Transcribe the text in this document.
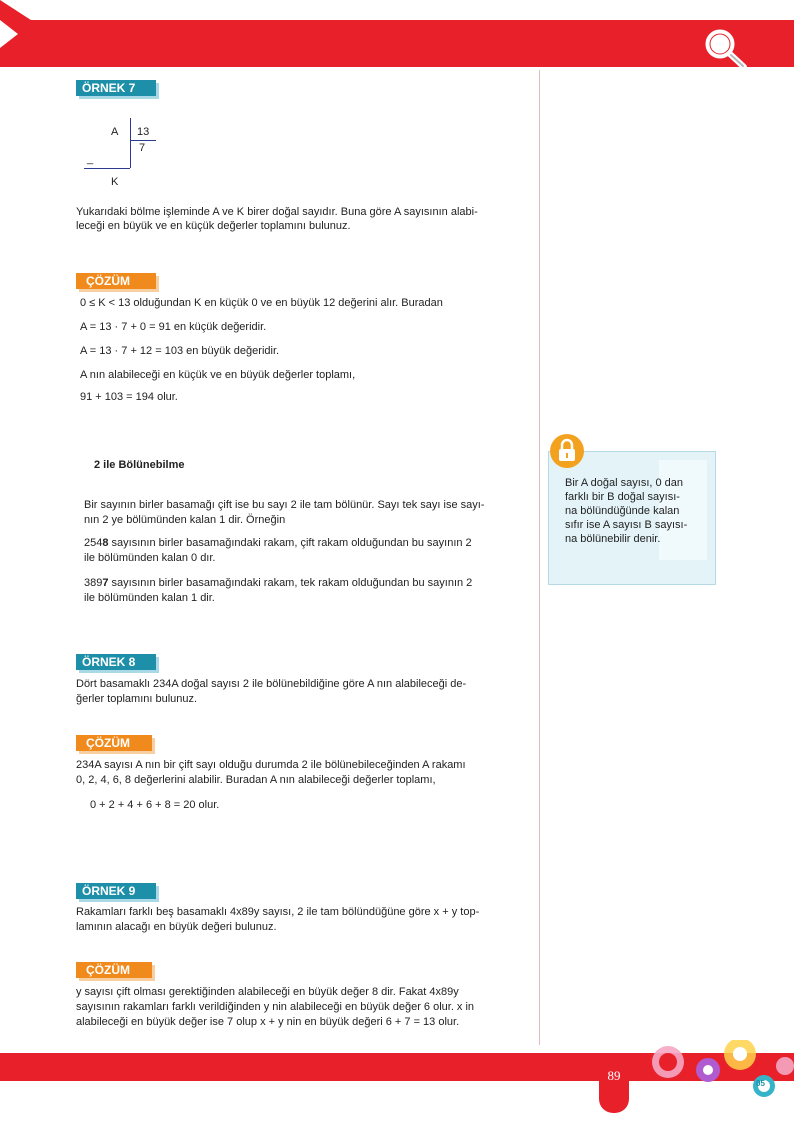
ÖRNEK 7
A 13
7
_
K
Yukarıdaki bölme işleminde A ve K birer doğal sayıdır. Buna göre A sayısının alabi-
leceği en büyük ve en küçük değerler toplamını bulunuz.
ÇÖZÜM
0 ≤ K < 13 olduğundan K en küçük 0 ve en büyük 12 değerini alır. Buradan
A = 13 · 7 + 0 = 91 en küçük değeridir.
A = 13 · 7 + 12 = 103 en büyük değeridir.
A nın alabileceği en küçük ve en büyük değerler toplamı,
91 + 103 = 194 olur.
2 ile Bölünebilme
Bir sayının birler basamağı çift ise bu sayı 2 ile tam bölünür. Sayı tek sayı ise sayı-
nın 2 ye bölümünden kalan 1 dir. Örneğin
2548 sayısının birler basamağındaki rakam, çift rakam olduğundan bu sayının 2
ile bölümünden kalan 0 dır.
3897 sayısının birler basamağındaki rakam, tek rakam olduğundan bu sayının 2
ile bölümünden kalan 1 dir.
Bir A doğal sayısı, 0 dan
farklı bir B doğal sayısı-
na bölündüğünde kalan
sıfır ise A sayısı B sayısı-
na bölünebilir denir.
ÖRNEK 8
Dört basamaklı 234A doğal sayısı 2 ile bölünebildiğine göre A nın alabileceği de-
ğerler toplamını bulunuz.
ÇÖZÜM
234A sayısı A nın bir çift sayı olduğu durumda 2 ile bölünebileceğinden A rakamı
0, 2, 4, 6, 8 değerlerini alabilir. Buradan A nın alabileceği değerler toplamı,
0 + 2 + 4 + 6 + 8 = 20 olur.
ÖRNEK 9
Rakamları farklı beş basamaklı 4x89y sayısı, 2 ile tam bölündüğüne göre x + y top-
lamının alacağı en büyük değeri bulunuz.
ÇÖZÜM
y sayısı çift olması gerektiğinden alabileceği en büyük değer 8 dir. Fakat 4x89y
sayısının rakamları farklı verildiğinden y nin alabileceği en büyük değer 6 olur. x in
alabileceği en büyük değer ise 7 olup x + y nin en büyük değeri 6 + 7 = 13 olur.
89
05
